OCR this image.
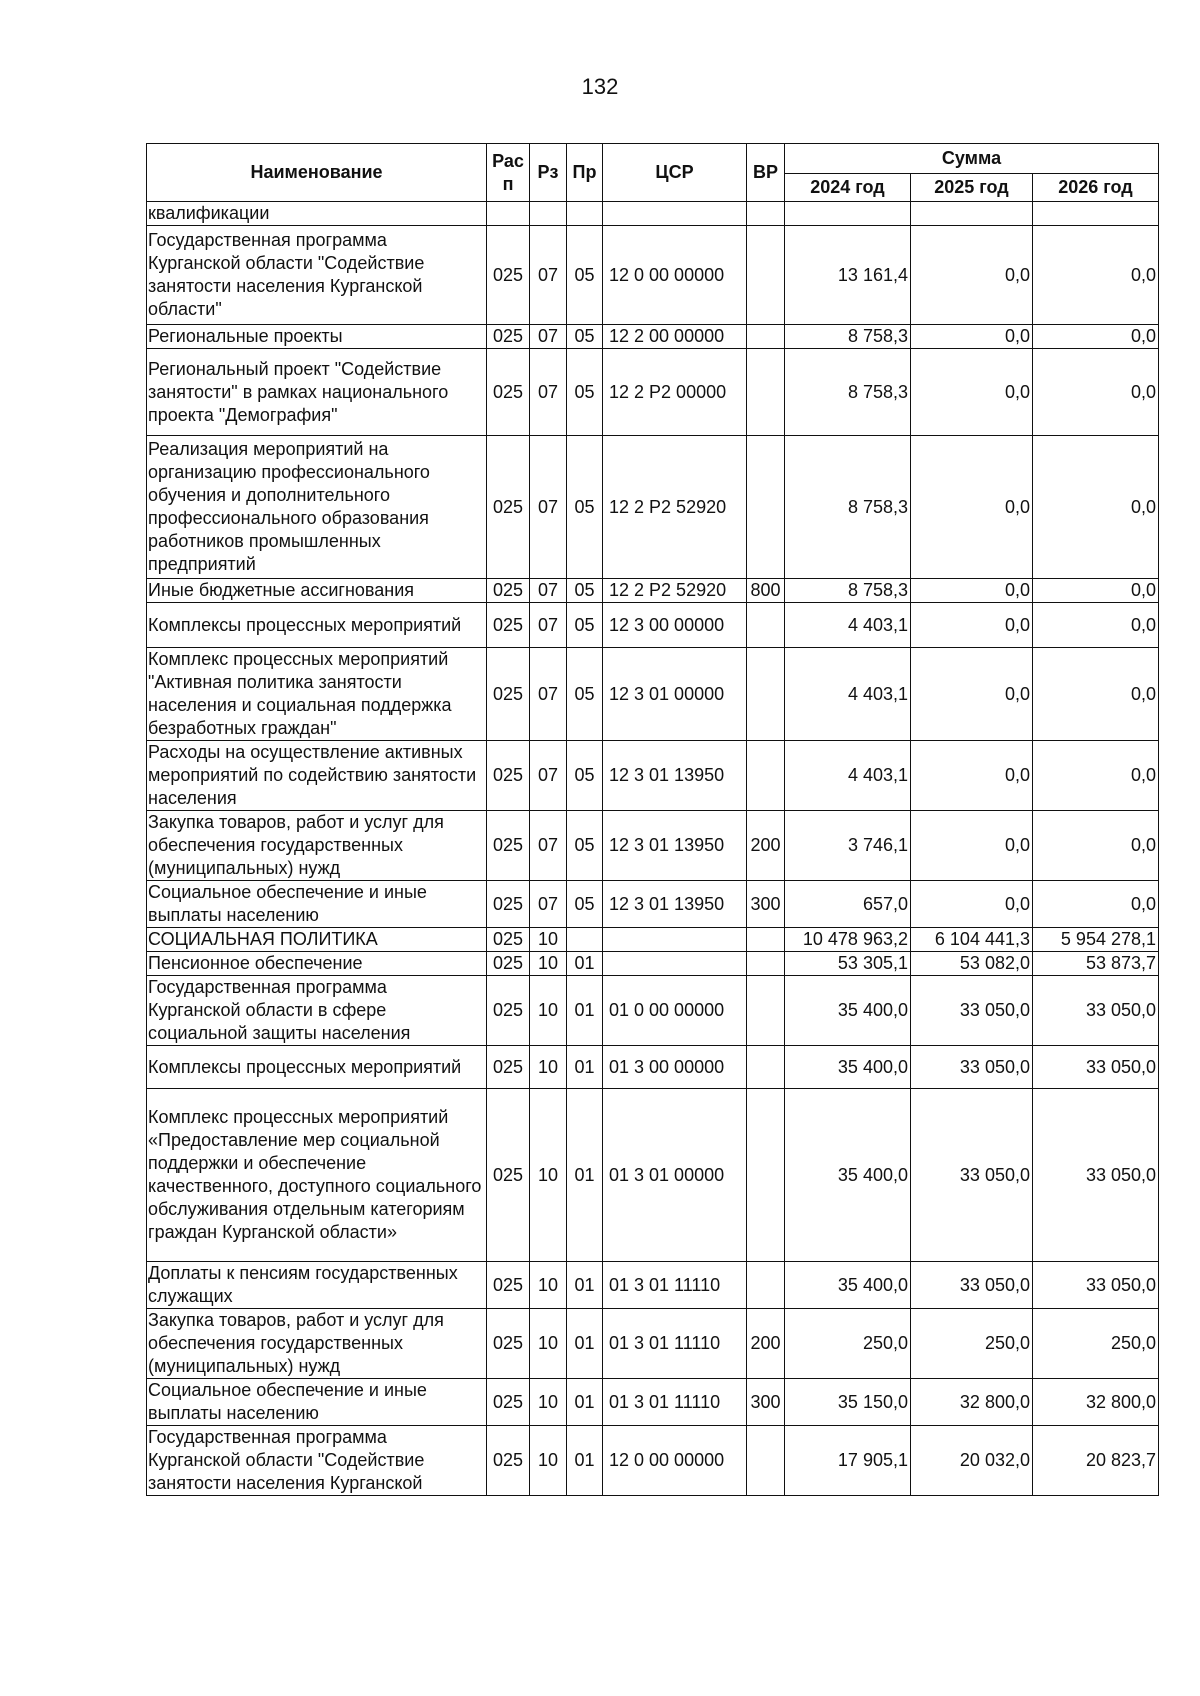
132
Наименование	Рас п	Рз	Пр	ЦСР	ВР	Сумма		
						2024 год	2025 год	2026 год
квалификации								
Государственная программа Курганской области "Содействие занятости населения Курганской области"	025	07	05	12 0 00 00000		13 161,4	0,0	0,0
Региональные проекты	025	07	05	12 2 00 00000		8 758,3	0,0	0,0
Региональный проект "Содействие занятости" в рамках национального проекта "Демография"	025	07	05	12 2 P2 00000		8 758,3	0,0	0,0
Реализация мероприятий на организацию профессионального обучения и дополнительного профессионального образования работников промышленных предприятий	025	07	05	12 2 P2 52920		8 758,3	0,0	0,0
Иные бюджетные ассигнования	025	07	05	12 2 P2 52920	800	8 758,3	0,0	0,0
Комплексы процессных мероприятий	025	07	05	12 3 00 00000		4 403,1	0,0	0,0
Комплекс процессных мероприятий "Активная политика занятости населения и социальная поддержка безработных граждан"	025	07	05	12 3 01 00000		4 403,1	0,0	0,0
Расходы на осуществление активных мероприятий по содействию занятости населения	025	07	05	12 3 01 13950		4 403,1	0,0	0,0
Закупка товаров, работ и услуг для обеспечения государственных (муниципальных) нужд	025	07	05	12 3 01 13950	200	3 746,1	0,0	0,0
Социальное обеспечение и иные выплаты населению	025	07	05	12 3 01 13950	300	657,0	0,0	0,0
СОЦИАЛЬНАЯ ПОЛИТИКА	025	10				10 478 963,2	6 104 441,3	5 954 278,1
Пенсионное обеспечение	025	10	01			53 305,1	53 082,0	53 873,7
Государственная программа Курганской области в сфере социальной защиты населения	025	10	01	01 0 00 00000		35 400,0	33 050,0	33 050,0
Комплексы процессных мероприятий	025	10	01	01 3 00 00000		35 400,0	33 050,0	33 050,0
Комплекс процессных мероприятий «Предоставление мер социальной поддержки и обеспечение качественного, доступного социального обслуживания отдельным категориям граждан Курганской области»	025	10	01	01 3 01 00000		35 400,0	33 050,0	33 050,0
Доплаты к пенсиям государственных служащих	025	10	01	01 3 01 11110		35 400,0	33 050,0	33 050,0
Закупка товаров, работ и услуг для обеспечения государственных (муниципальных) нужд	025	10	01	01 3 01 11110	200	250,0	250,0	250,0
Социальное обеспечение и иные выплаты населению	025	10	01	01 3 01 11110	300	35 150,0	32 800,0	32 800,0
Государственная программа Курганской области "Содействие занятости населения Курганской	025	10	01	12 0 00 00000		17 905,1	20 032,0	20 823,7
